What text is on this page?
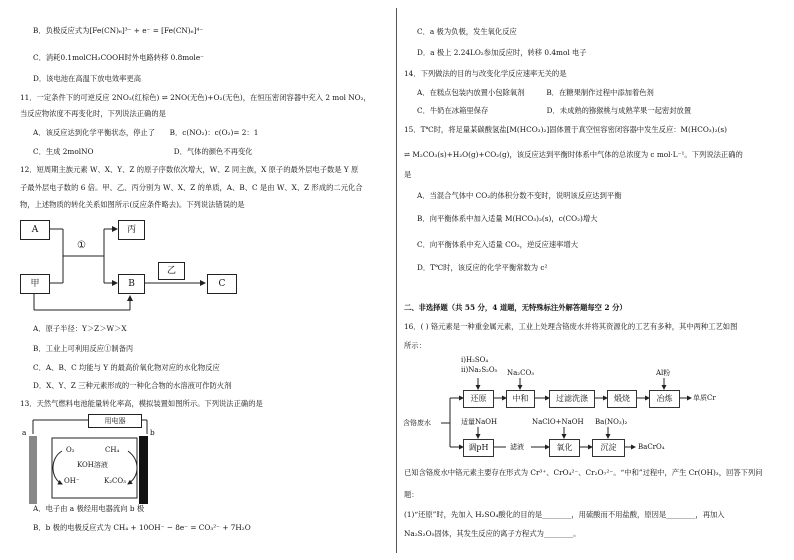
B．负极反应式为[Fe(CN)₆]³⁻ + e⁻ = [Fe(CN)₆]⁴⁻
C．消耗0.1molCH₃COOH时外电路转移 0.8mole⁻
D．该电池在高温下放电效率更高
11．一定条件下的可逆反应 2NO₂(红棕色) ⇌ 2NO(无色)+O₂(无色)，在恒压密闭容器中充入 2 mol NO₂，
当反应物浓度不再变化时，下列说法正确的是
A．该反应达到化学平衡状态，停止了　　B．c(NO₂)：c(O₂)= 2：1
C．生成 2molNO　　　　　　　　　　　D．气体的颜色不再变化
12．短周期主族元素 W、X、Y、Z 的原子序数依次增大，W、Z 同主族，X 原子的最外层电子数是 Y 原
子最外层电子数的 6 倍。甲、乙、丙分别为 W、X、Z 的单质，A、B、C 是由 W、X、Z 形成的二元化合
物，上述物质的转化关系如图所示(反应条件略去)。下列说法错误的是
A
①
丙
甲	B
乙
C
A．原子半径：Y＞Z＞W＞X
B．工业上可利用反应①制备丙
C．A、B、C 均能与 Y 的最高价氧化物对应的水化物反应
D．X、Y、Z 三种元素形成的一种化合物的水溶液可作防火剂
13．天然气燃料电池能量转化率高，模拟装置如图所示。下列说法正确的是
a	b
用电器
O₂	CH₄
KOH溶液
OH⁻	K₂CO₃
A．电子由 a 极经用电器流向 b 极
B．b 极的电极反应式为 CH₄ + 10OH⁻ − 8e⁻ = CO₃²⁻ + 7H₂O
C．a 极为负极，发生氧化反应
D．a 极上 2.24LO₂参加反应时，转移 0.4mol 电子
14．下列做法的目的与改变化学反应速率无关的是
A．在糕点包装内放置小包除氧剂　　　B．在糖果制作过程中添加着色剂
C．牛奶在冰箱里保存　　　　　　　　D．未成熟的猕猴桃与成熟苹果一起密封放置
15．T℃时，将足量某碳酸氢盐[M(HCO₃)₂]固体置于真空恒容密闭容器中发生反应：M(HCO₃)₂(s)
⇌ M₂CO₃(s)+H₂O(g)+CO₂(g)，该反应达到平衡时体系中气体的总浓度为 c mol·L⁻¹。下列说法正确的
是
A．当混合气体中 CO₂的体积分数不变时，说明该反应达到平衡
B．向平衡体系中加入适量 M(HCO₃)₂(s)，c(CO₂)增大
C．向平衡体系中充入适量 CO₂，逆反应速率增大
D．T℃时，该反应的化学平衡常数为 c²
二、非选择题（共 55 分，4 道题，无特殊标注外解答题每空 2 分）
16．( ) 铬元素是一种重金属元素，工业上处理含铬废水并将其资源化的工艺有多种，其中两种工艺如图
所示：
i)H₂SO₄
ii)Na₂S₂O₅ Na₂CO₃	Al粉
还原	中和	过滤洗涤	煅烧	冶炼	单质Cr
含铬废水	适量NaOH	NaClO+NaOH Ba(NO₃)₂
调pH	滤液	氧化	沉淀	BaCrO₄
已知含铬废水中铬元素主要存在形式为 Cr³⁺、CrO₄²⁻、Cr₂O₇²⁻。“中和”过程中，产生 Cr(OH)₃，回答下列问
题：
(1)“还原”时，先加入 H₂SO₄酸化的目的是________，用硫酸而不用盐酸，原因是________，再加入
Na₂S₂O₅固体，其发生反应的离子方程式为________。
